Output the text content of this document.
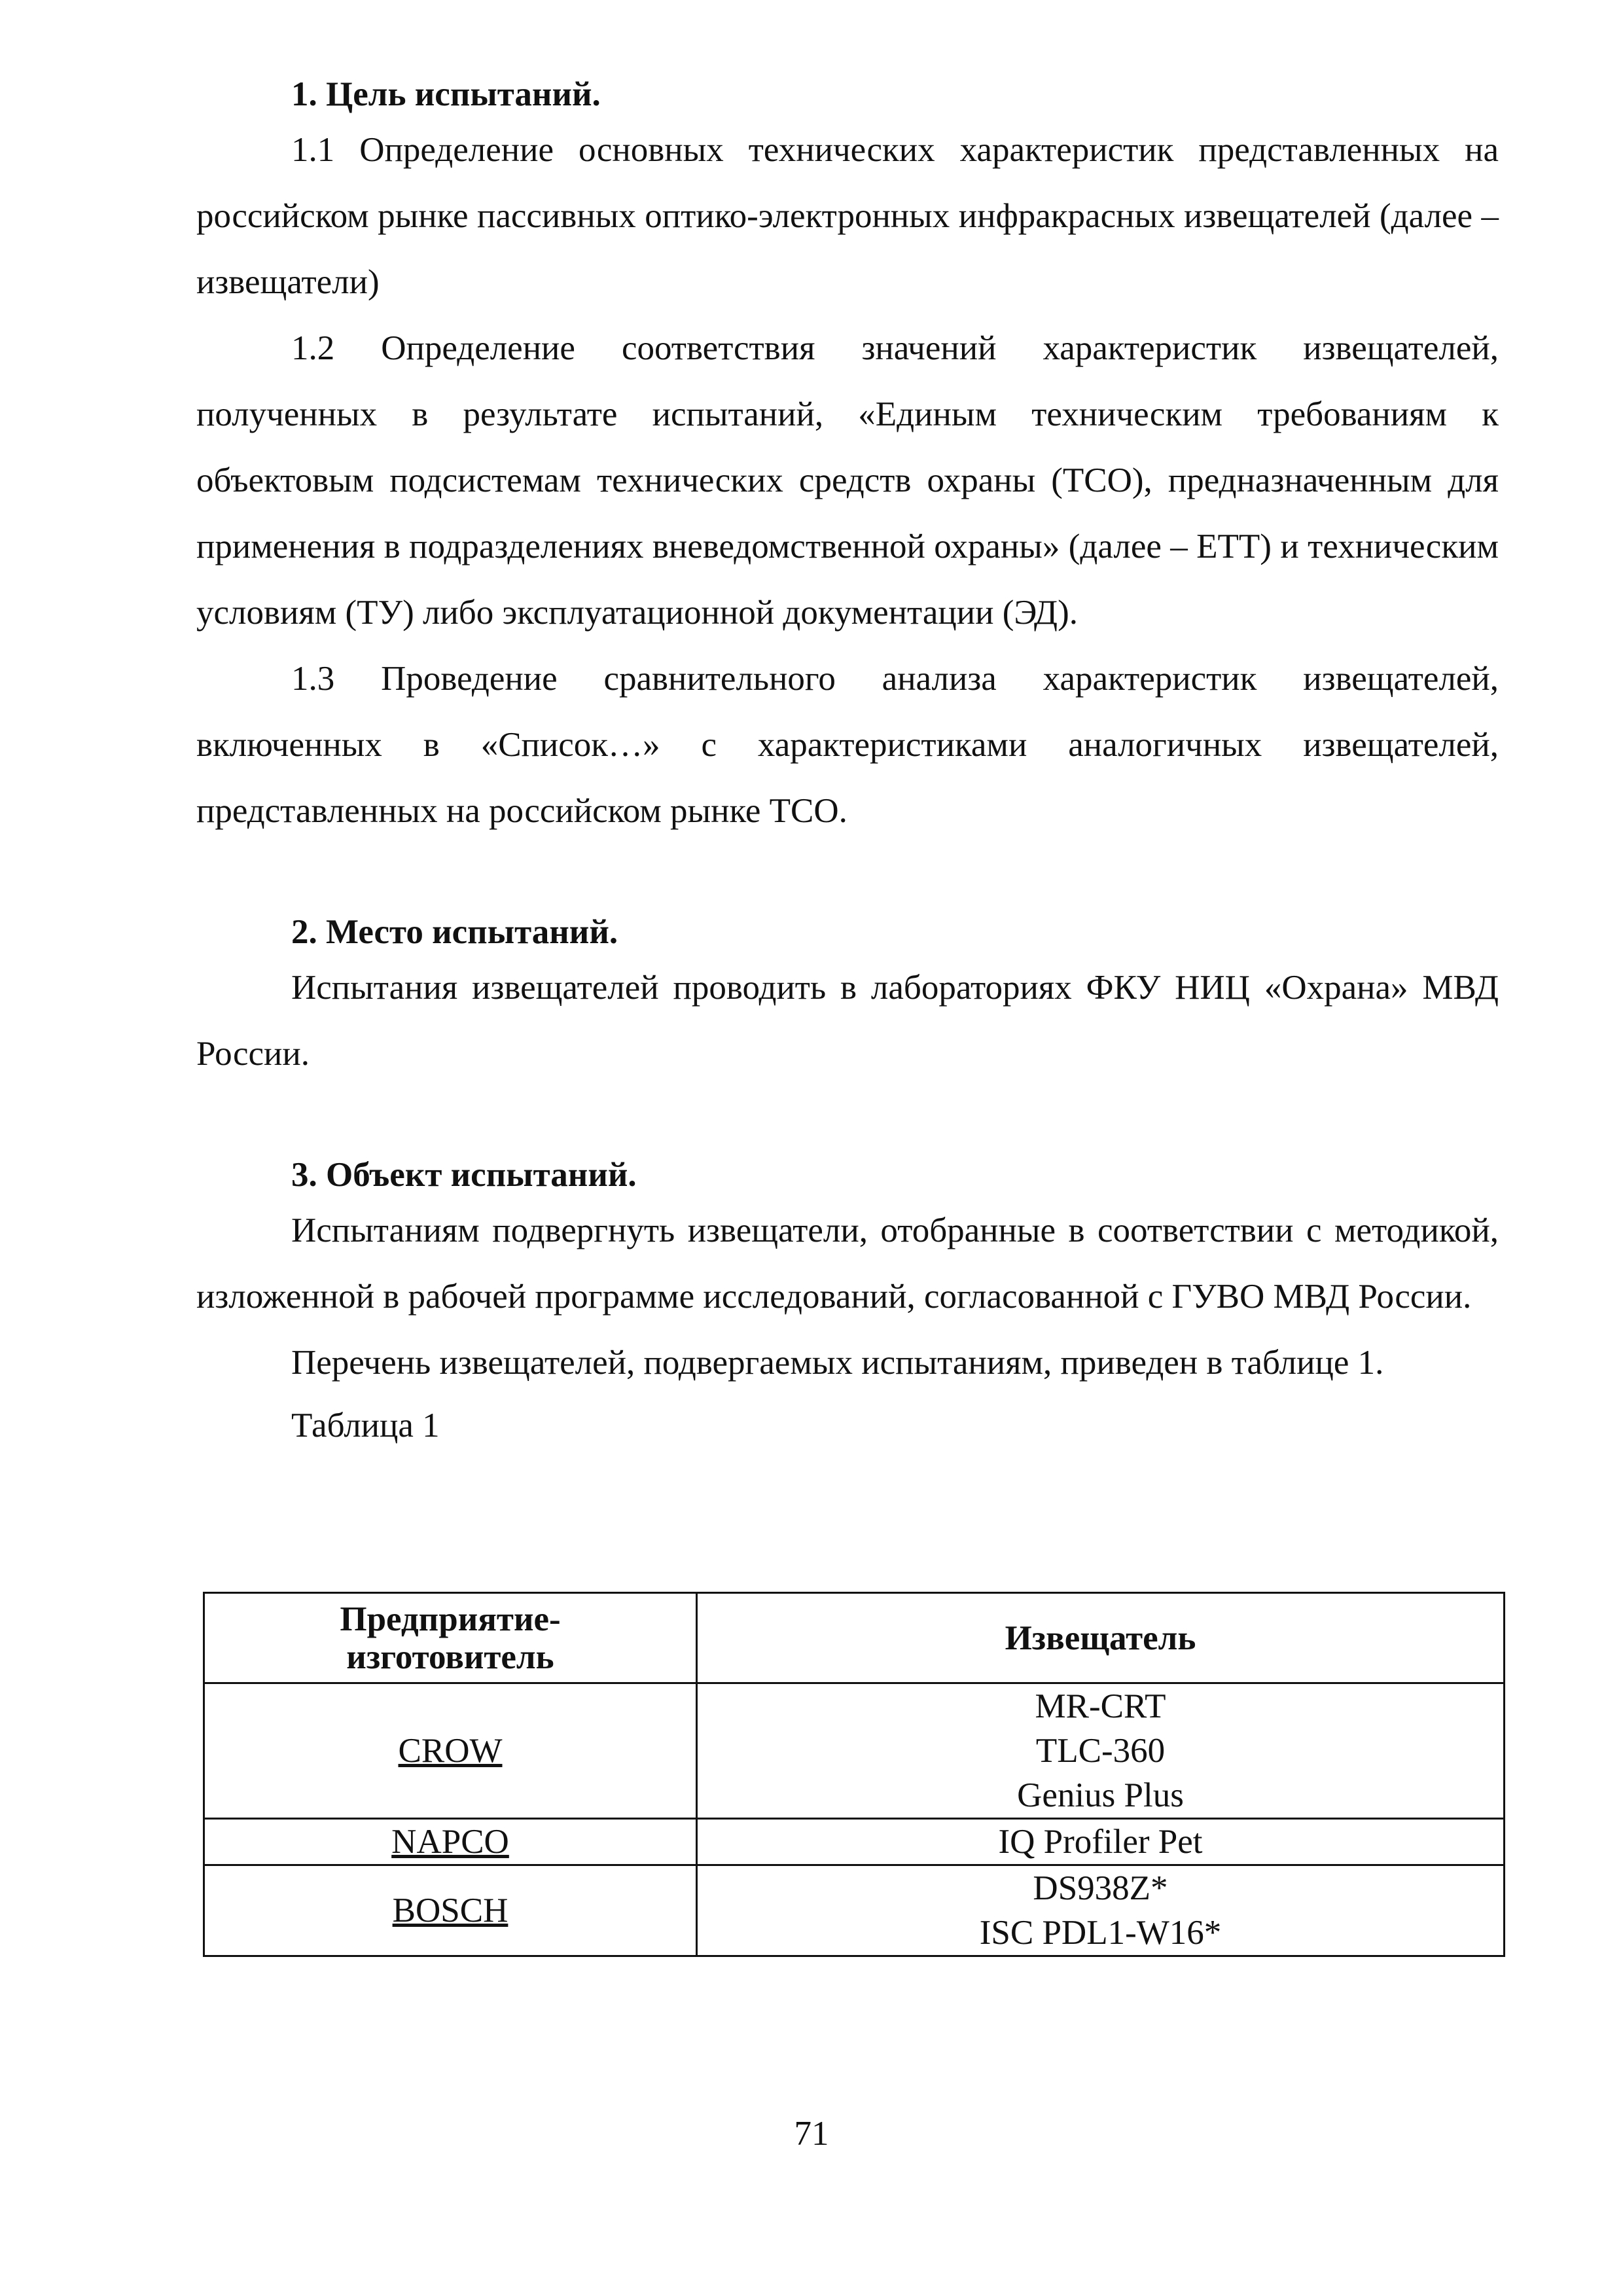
1. Цель испытаний.

1.1 Определение основных технических характеристик представленных на российском рынке пассивных оптико-электронных инфракрасных извещателей (далее – извещатели)

1.2 Определение соответствия значений характеристик извещателей, полученных в результате испытаний, «Единым техническим требованиям к объектовым подсистемам технических средств охраны (ТСО), предназначенным для применения в подразделениях вневедомственной охраны» (далее – ЕТТ) и техническим условиям (ТУ) либо эксплуатационной документации (ЭД).

1.3 Проведение сравнительного анализа характеристик извещателей, включенных в «Список…» с характеристиками аналогичных извещателей, представленных на российском рынке ТСО.

2. Место испытаний.

Испытания извещателей проводить в лабораториях ФКУ НИЦ «Охрана» МВД России.

3. Объект испытаний.

Испытаниям подвергнуть извещатели, отобранные в соответствии с методикой, изложенной в рабочей программе исследований, согласованной с ГУВО МВД России.

Перечень извещателей, подвергаемых испытаниям, приведен в таблице 1.

Таблица 1
Предприятие-
изготовитель	Извещатель
CROW	MR-CRT
TLC-360
Genius Plus

NAPCO	IQ Profiler Pet

BOSCH	DS938Z*
ISC PDL1-W16*
71
